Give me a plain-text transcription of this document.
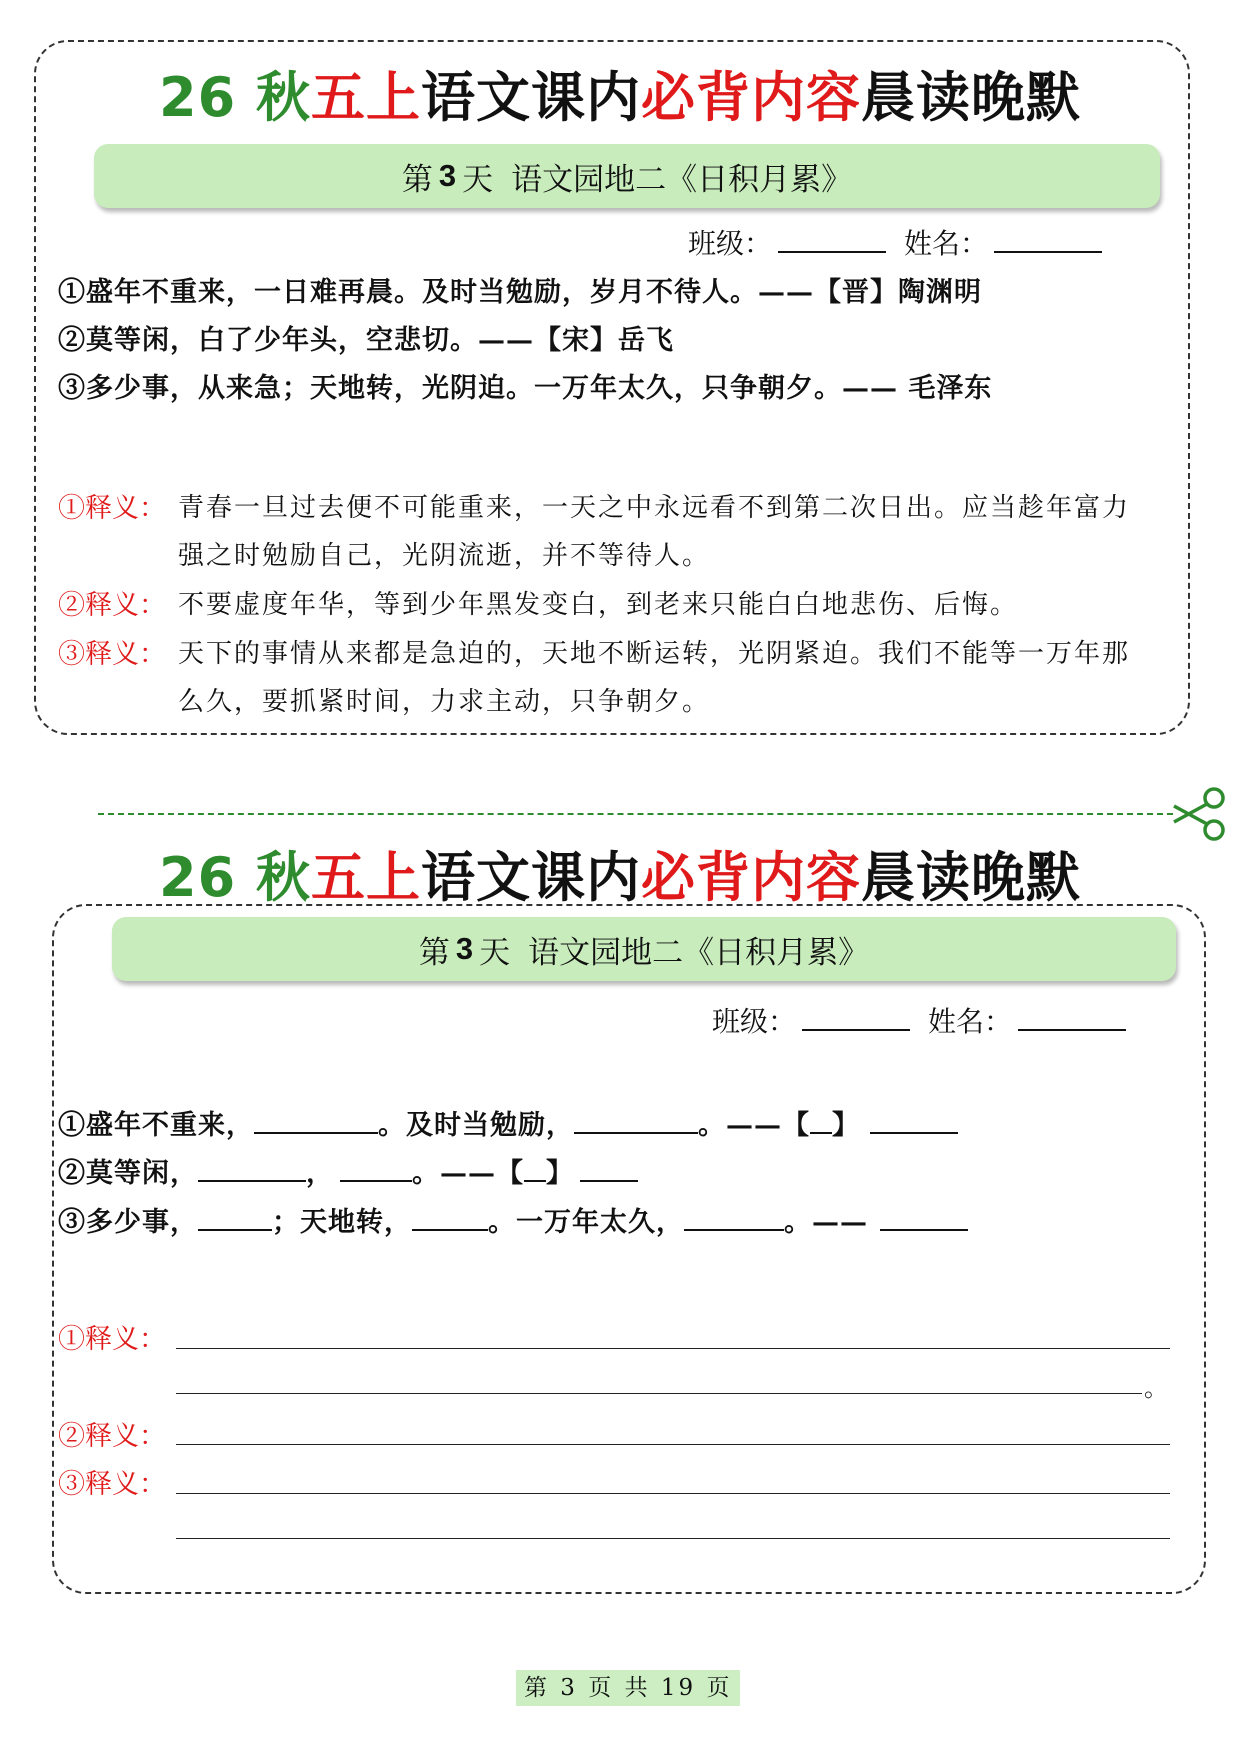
26 秋五上语文课内必背内容晨读晚默
第 3 天 语文园地二《日积月累》
班级：	姓名：
①盛年不重来，一日难再晨。及时当勉励，岁月不待人。——【晋】陶渊明
②莫等闲，白了少年头，空悲切。——【宋】岳飞
③多少事，从来急；天地转，光阴迫。一万年太久，只争朝夕。—— 毛泽东
①释义： 青春一旦过去便不可能重来，一天之中永远看不到第二次日出。应当趁年富力
强之时勉励自己，光阴流逝，并不等待人。
②释义： 不要虚度年华，等到少年黑发变白，到老来只能白白地悲伤、后悔。
③释义： 天下的事情从来都是急迫的，天地不断运转，光阴紧迫。我们不能等一万年那
么久，要抓紧时间，力求主动，只争朝夕。
26 秋五上语文课内必背内容晨读晚默
第 3 天 语文园地二《日积月累》
班级：	姓名：
①盛年不重来，	。及时当勉励，	。——【 】
②莫等闲，	，	。——【 】
③多少事，	；天地转，	。一万年太久，	。——
①释义：
。
②释义：
③释义：
第 3 页 共 19 页
